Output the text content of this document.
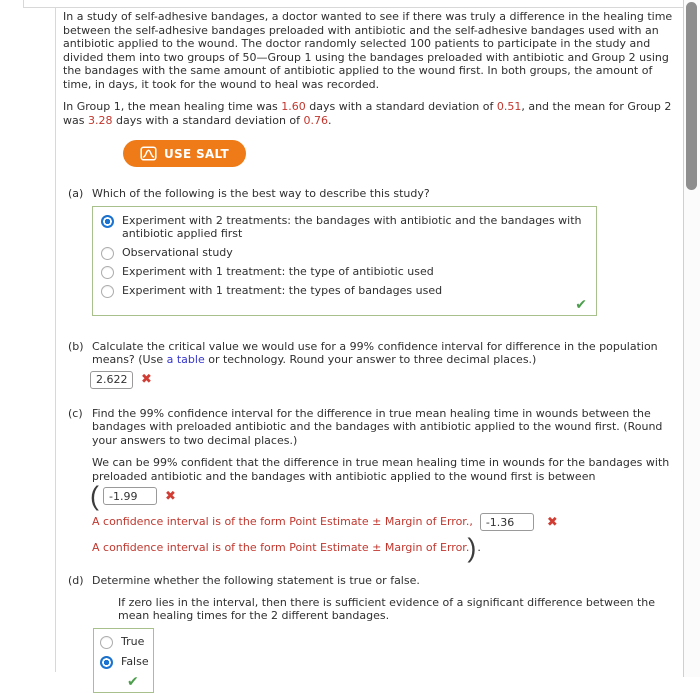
In a study of self-adhesive bandages, a doctor wanted to see if there was truly a difference in the healing time between the self-adhesive bandages preloaded with antibiotic and the self-adhesive bandages used with an antibiotic applied to the wound. The doctor randomly selected 100 patients to participate in the study and divided them into two groups of 50—Group 1 using the bandages preloaded with antibiotic and Group 2 using the bandages with the same amount of antibiotic applied to the wound first. In both groups, the amount of time, in days, it took for the wound to heal was recorded.
In Group 1, the mean healing time was 1.60 days with a standard deviation of 0.51, and the mean for Group 2 was 3.28 days with a standard deviation of 0.76.
USE SALT
(a) Which of the following is the best way to describe this study?
Experiment with 2 treatments: the bandages with antibiotic and the bandages with antibiotic applied first
Observational study
Experiment with 1 treatment: the type of antibiotic used
Experiment with 1 treatment: the types of bandages used
✔
(b) Calculate the critical value we would use for a 99% confidence interval for difference in the population means? (Use a table or technology. Round your answer to three decimal places.)
2.622
✖
(c) Find the 99% confidence interval for the difference in true mean healing time in wounds between the bandages with preloaded antibiotic and the bandages with antibiotic applied to the wound first. (Round your answers to two decimal places.)
We can be 99% confident that the difference in true mean healing time in wounds for the bandages with preloaded antibiotic and the bandages with antibiotic applied to the wound first is between
(
-1.99	✖
A confidence interval is of the form Point Estimate ± Margin of Error.,
-1.36	✖
A confidence interval is of the form Point Estimate ± Margin of Error.
) .
(d) Determine whether the following statement is true or false.
If zero lies in the interval, then there is sufficient evidence of a significant difference between the mean healing times for the 2 different bandages.
True
False
✔
